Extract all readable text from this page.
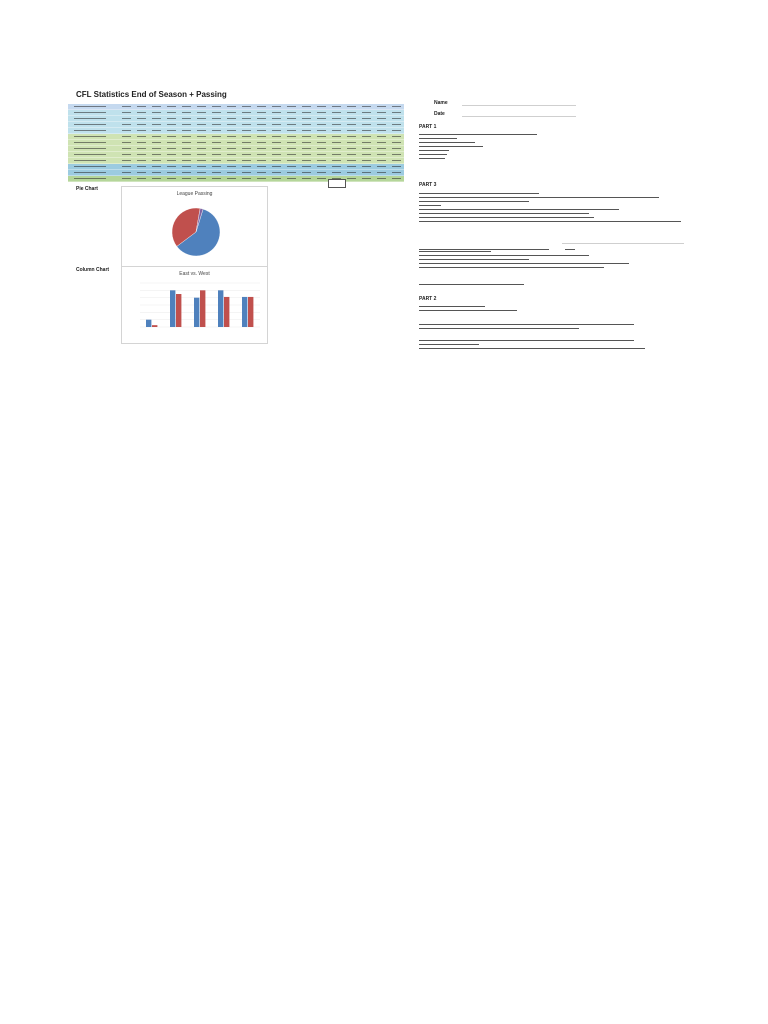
CFL Statistics End of Season + Passing
Name
Date
Pie Chart
League Passing
Column Chart
East vs. West
PART 1
PART 3

PART 2
